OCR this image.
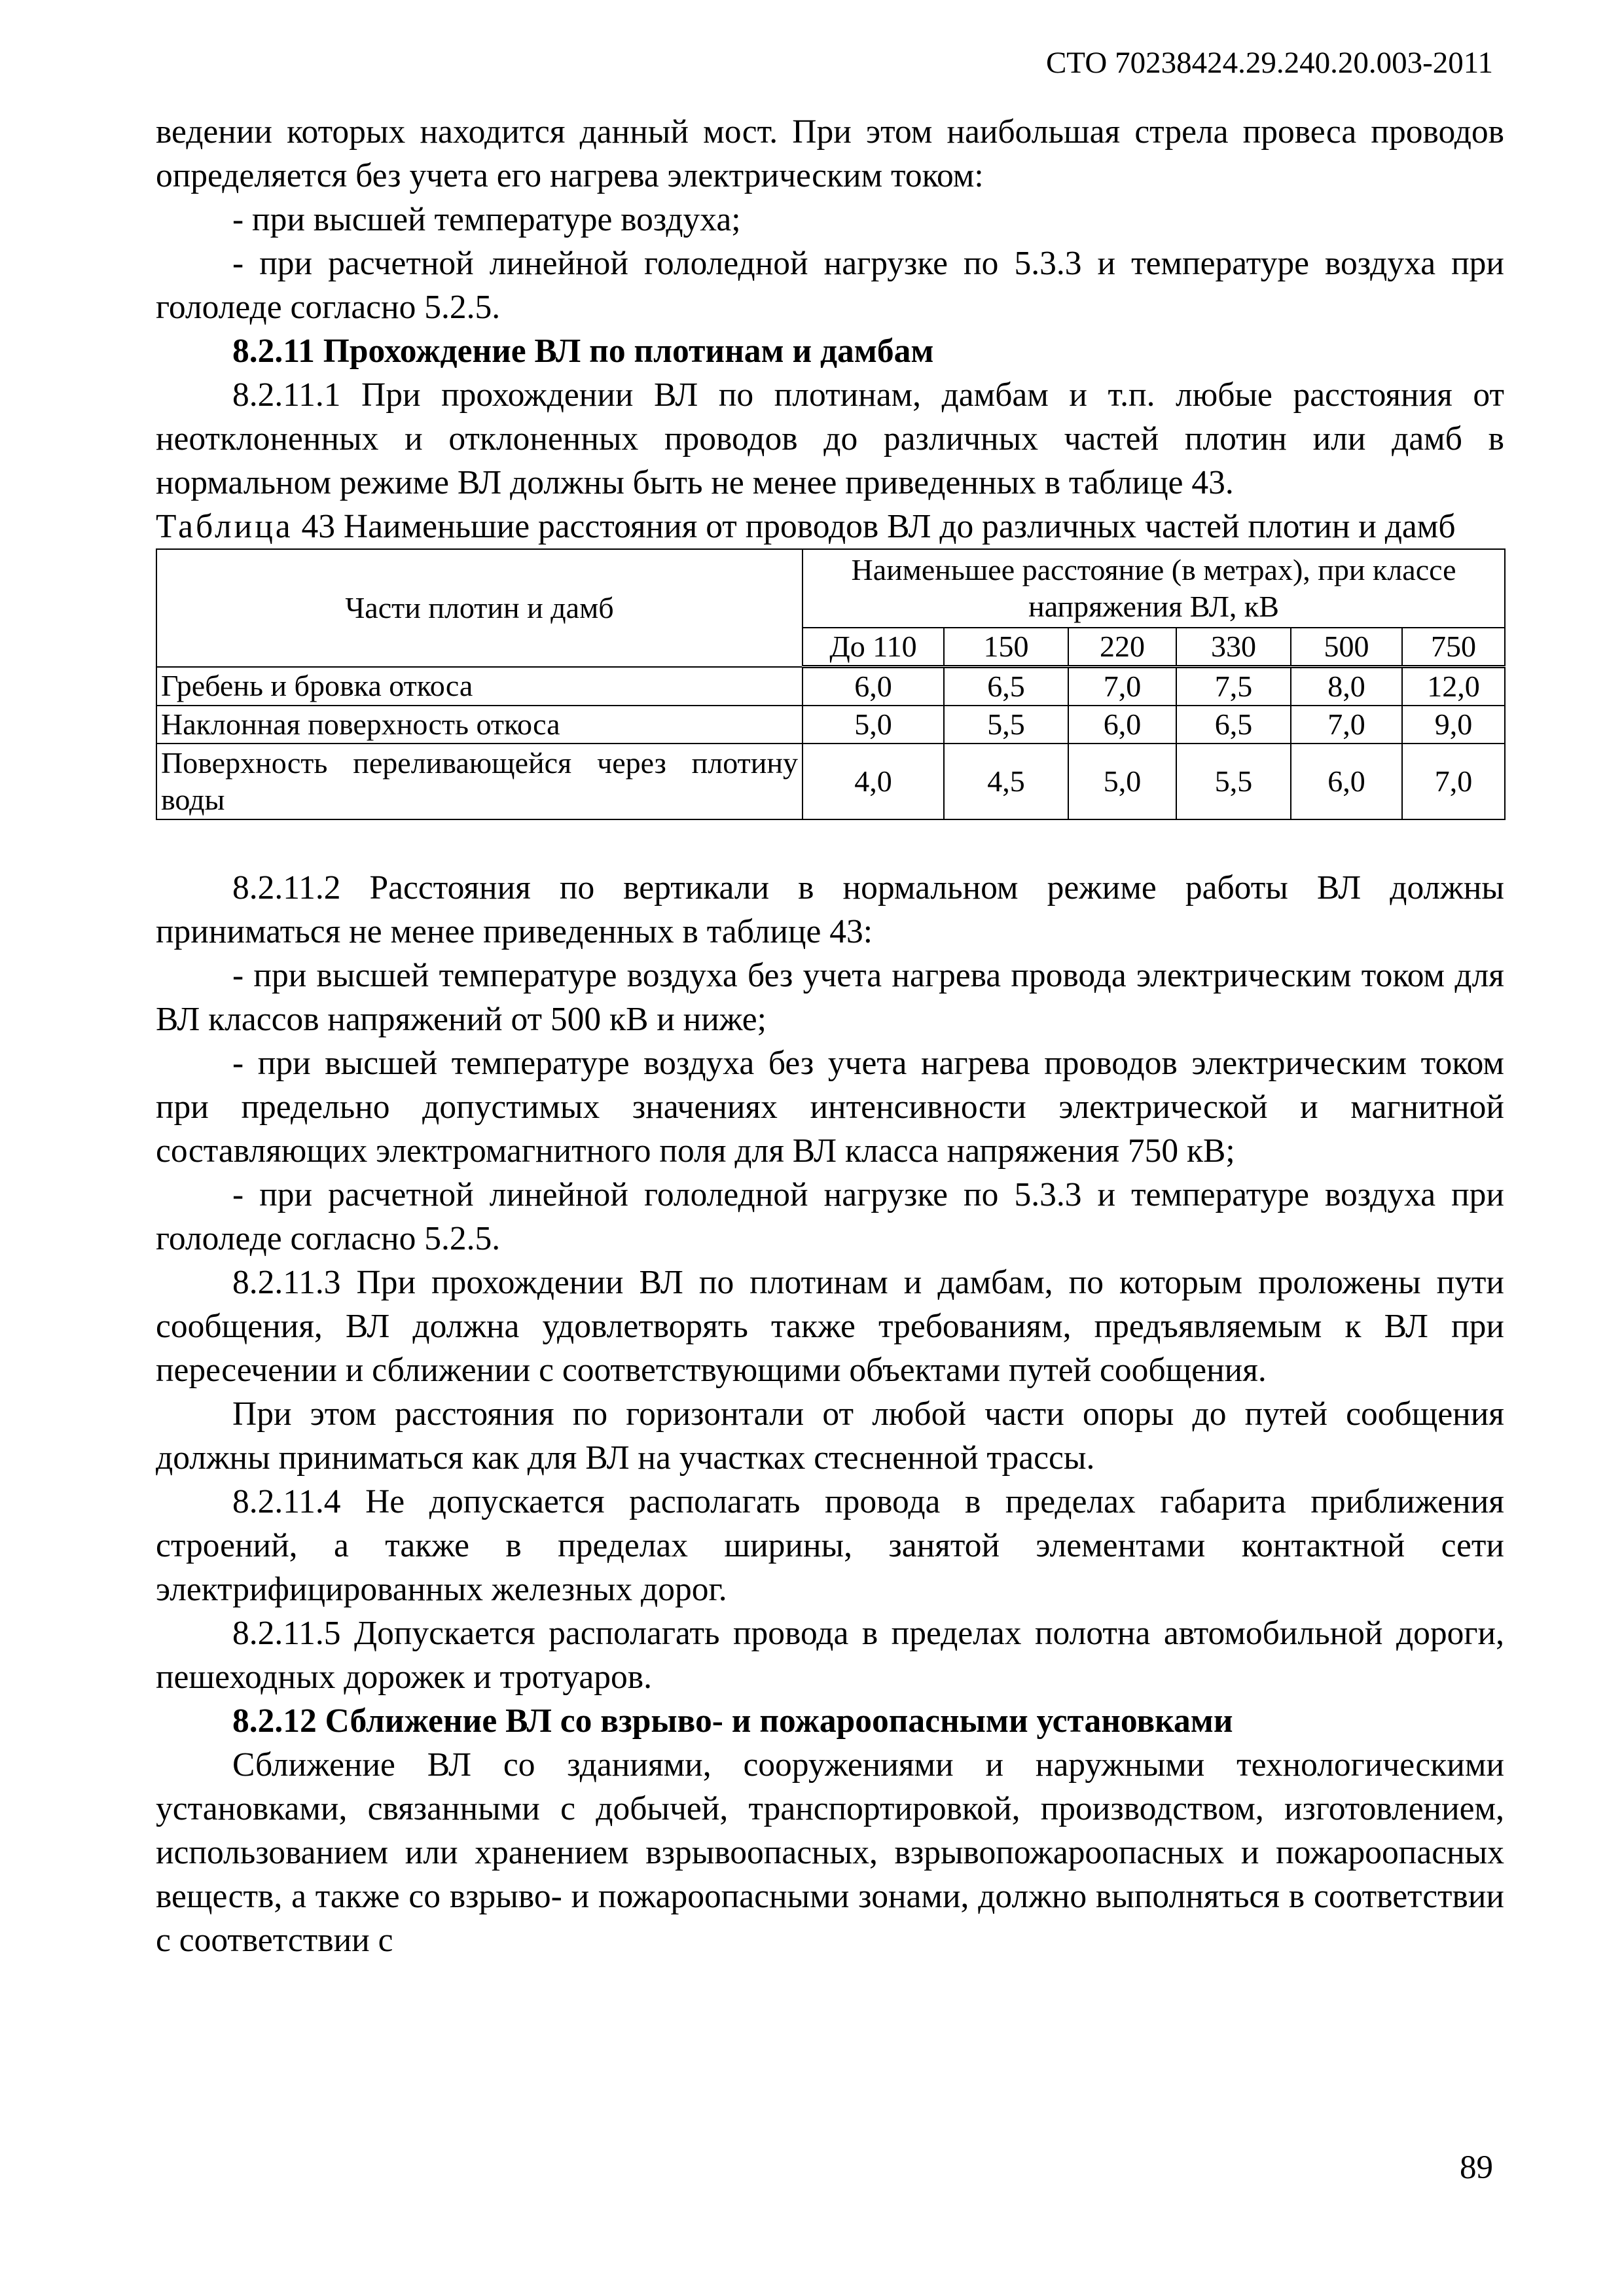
СТО 70238424.29.240.20.003-2011

ведении которых находится данный мост. При этом наибольшая стрела провеса проводов определяется без учета его нагрева электрическим током:

- при высшей температуре воздуха;

- при расчетной линейной гололедной нагрузке по 5.3.3 и температуре воздуха при гололеде согласно 5.2.5.

8.2.11 Прохождение ВЛ по плотинам и дамбам

8.2.11.1 При прохождении ВЛ по плотинам, дамбам и т.п. любые расстояния от неотклоненных и отклоненных проводов до различных частей плотин или дамб в нормальном режиме ВЛ должны быть не менее приведенных в таблице 43.

Таблица 43 Наименьшие расстояния от проводов ВЛ до различных частей плотин и дамб

Части плотин и дамб	Наименьшее расстояние (в метрах), при классе напряжения ВЛ, кВ					
	До 110	150	220	330	500	750
Гребень и бровка откоса	6,0	6,5	7,0	7,5	8,0	12,0
Наклонная поверхность откоса	5,0	5,5	6,0	6,5	7,0	9,0
Поверхность переливающейся через плотину воды	4,0	4,5	5,0	5,5	6,0	7,0

8.2.11.2 Расстояния по вертикали в нормальном режиме работы ВЛ должны приниматься не менее приведенных в таблице 43:

- при высшей температуре воздуха без учета нагрева провода электрическим током для ВЛ классов напряжений от 500 кВ и ниже;

- при высшей температуре воздуха без учета нагрева проводов электрическим током при предельно допустимых значениях интенсивности электрической и магнитной составляющих электромагнитного поля для ВЛ класса напряжения 750 кВ;

- при расчетной линейной гололедной нагрузке по 5.3.3 и температуре воздуха при гололеде согласно 5.2.5.

8.2.11.3 При прохождении ВЛ по плотинам и дамбам, по которым проложены пути сообщения, ВЛ должна удовлетворять также требованиям, предъявляемым к ВЛ при пересечении и сближении с соответствующими объектами путей сообщения.

При этом расстояния по горизонтали от любой части опоры до путей сообщения должны приниматься как для ВЛ на участках стесненной трассы.

8.2.11.4 Не допускается располагать провода в пределах габарита приближения строений, а также в пределах ширины, занятой элементами контактной сети электрифицированных железных дорог.

8.2.11.5 Допускается располагать провода в пределах полотна автомобильной дороги, пешеходных дорожек и тротуаров.

8.2.12 Сближение ВЛ со взрыво- и пожароопасными установками

Сближение ВЛ со зданиями, сооружениями и наружными технологическими установками, связанными с добычей, транспортировкой, производством, изготовлением, использованием или хранением взрывоопасных, взрывопожароопасных и пожароопасных веществ, а также со взрыво- и пожароопасными зонами, должно выполняться в соответствии с соответствии с

89
